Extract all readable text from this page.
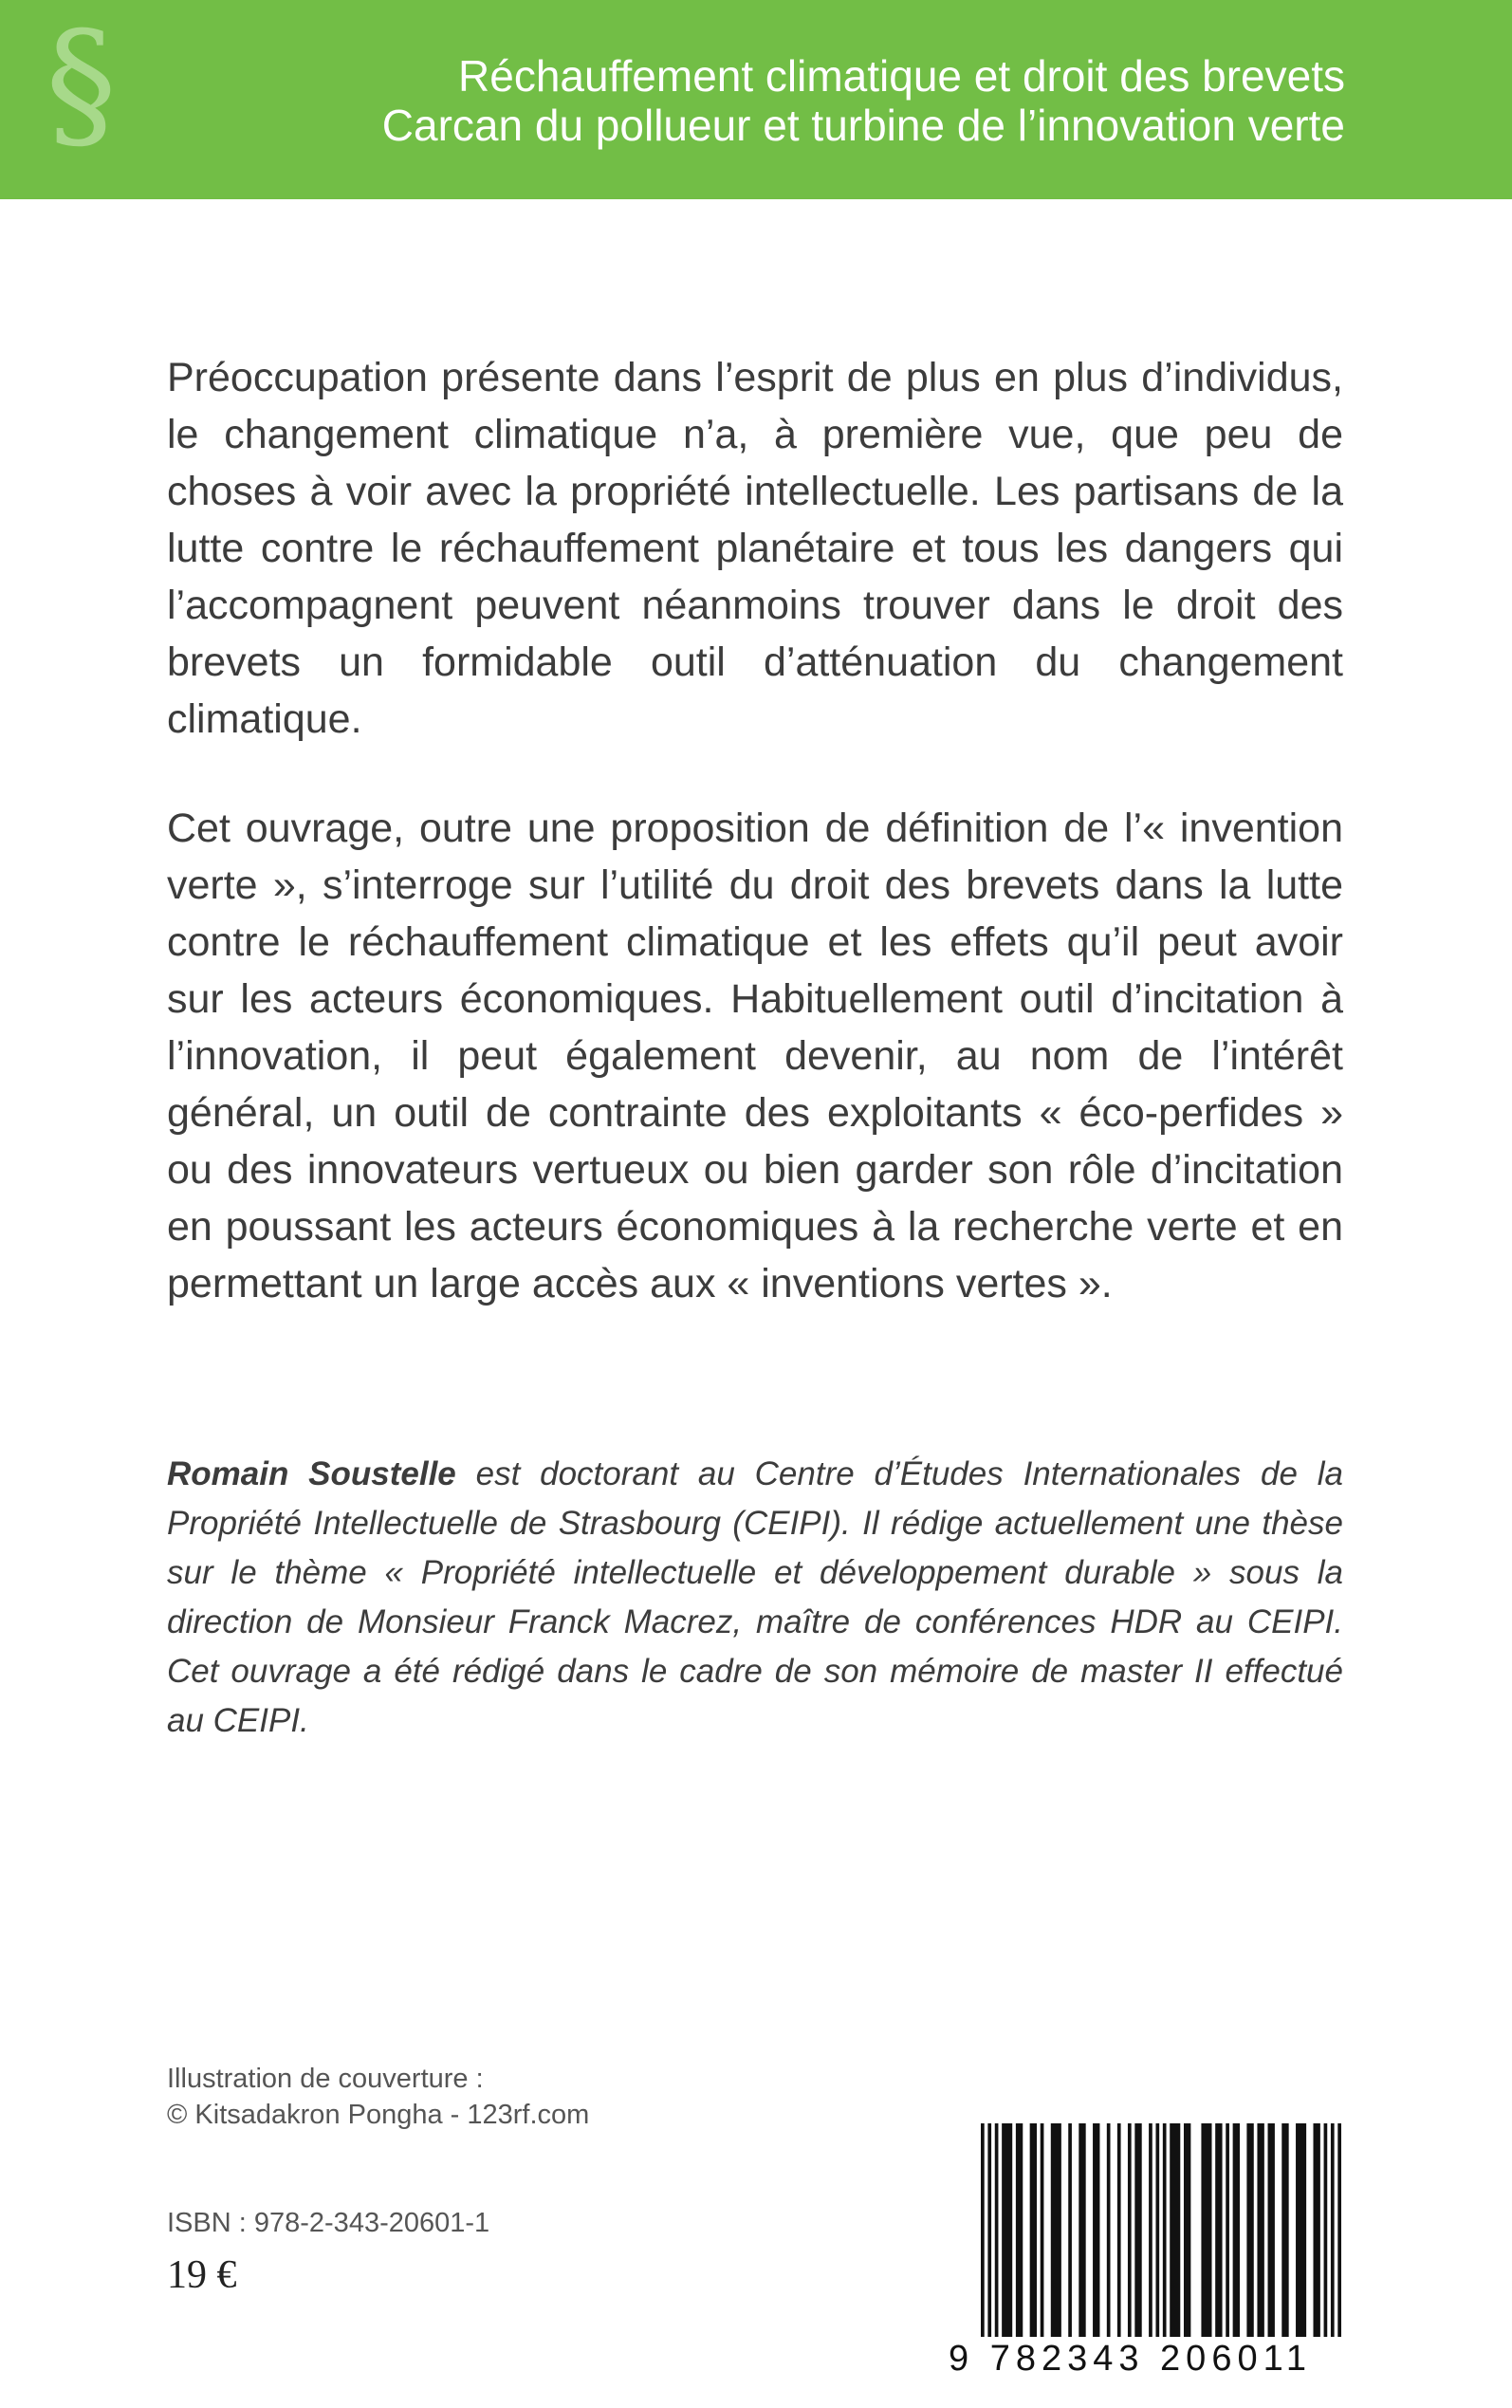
§	Réchauffement climatique et droit des brevets
Carcan du pollueur et turbine de l’innovation verte

Préoccupation présente dans l’esprit de plus en plus d’individus, le changement climatique n’a, à première vue, que peu de choses à voir avec la propriété intellectuelle. Les partisans de la lutte contre le réchauffement planétaire et tous les dangers qui l’accompagnent peuvent néanmoins trouver dans le droit des brevets un formidable outil d’atténuation du changement climatique.

Cet ouvrage, outre une proposition de définition de l’« invention verte », s’interroge sur l’utilité du droit des brevets dans la lutte contre le réchauffement climatique et les effets qu’il peut avoir sur les acteurs économiques. Habituellement outil d’incitation à l’innovation, il peut également devenir, au nom de l’intérêt général, un outil de contrainte des exploitants « éco-perfides » ou des innovateurs vertueux ou bien garder son rôle d’incitation en poussant les acteurs économiques à la recherche verte et en permettant un large accès aux « inventions vertes ».

Romain Soustelle est doctorant au Centre d’Études Internationales de la Propriété Intellectuelle de Strasbourg (CEIPI). Il rédige actuellement une thèse sur le thème « Propriété intellectuelle et développement durable » sous la direction de Monsieur Franck Macrez, maître de conférences HDR au CEIPI. Cet ouvrage a été rédigé dans le cadre de son mémoire de master II effectué au CEIPI.

Illustration de couverture :
© Kitsadakron Pongha - 123rf.com
ISBN : 978-2-343-20601-1
19 €
9 782343 206011
